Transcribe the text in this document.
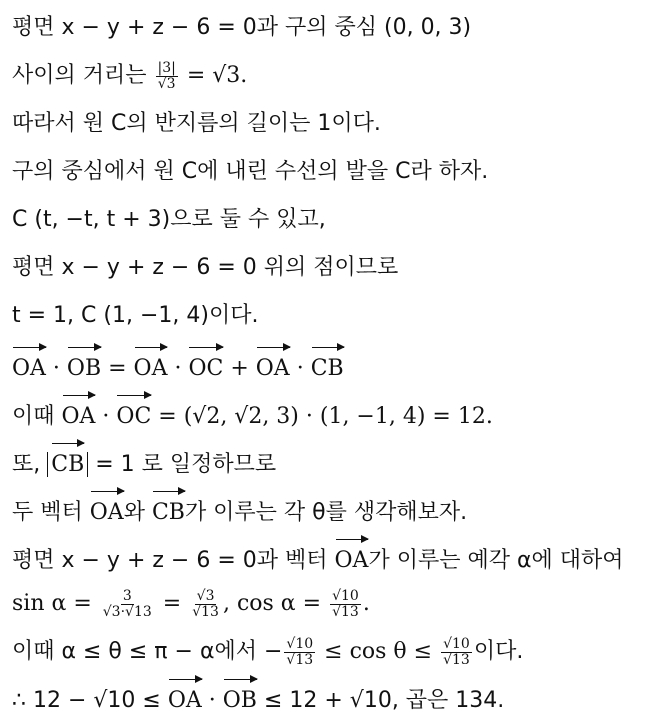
평면 x − y + z − 6 = 0과 구의 중심 (0, 0, 3)
사이의 거리는 $\frac{|3|}{√3} = √3$.
따라서 원 C의 반지름의 길이는 1이다.
구의 중심에서 원 C에 내린 수선의 발을 C라 하자.
C (t, −t, t + 3)으로 둘 수 있고,
평면 x − y + z − 6 = 0 위의 점이므로
t = 1, C (1, −1, 4)이다.
OA · OB = OA · OC + OA · CB
이때 OA · OC = (√2, √2, 3) · (1, −1, 4) = 12.
또, CB = 1 로 일정하므로
두 벡터 OA와 CB가 이루는 각 θ를 생각해보자.
평면 x − y + z − 6 = 0과 벡터 OA가 이루는 예각 α에 대하여
$\sin \alpha = \frac{3}{√3\cdot√13} = \frac{√3}{√13}$ , $\cos \alpha = \frac{√10}{√13}$ .
이때 α ≤ θ ≤ π − α에서 − $\frac{√10}{√13} \le \cos \theta \le \frac{√10}{√13}$ 이다.
∴ 12 − √10 ≤ OA · OB ≤ 12 + √10, 곱은 134.
